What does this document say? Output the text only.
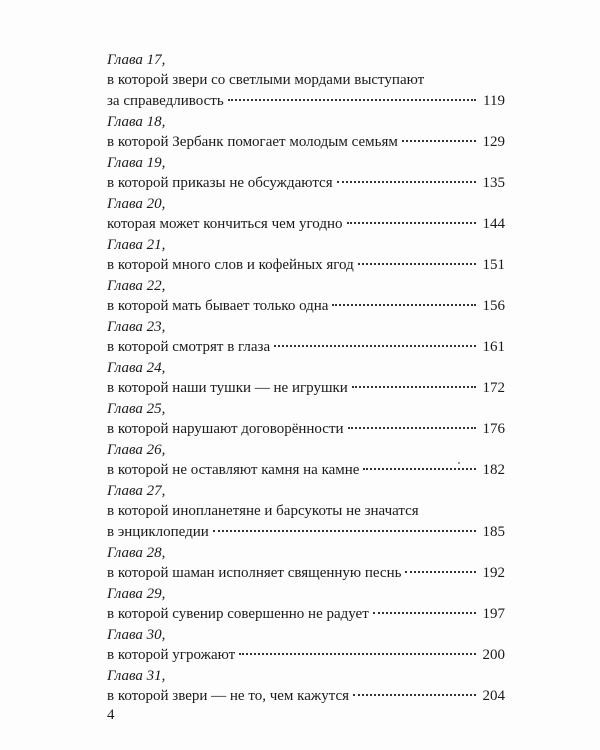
Глава 17,
в которой звери со светлыми мордами выступают
за справедливость	119
Глава 18,
в которой Зербанк помогает молодым семьям	129
Глава 19,
в которой приказы не обсуждаются	135
Глава 20,
которая может кончиться чем угодно	144
Глава 21,
в которой много слов и кофейных ягод	151
Глава 22,
в которой мать бывает только одна	156
Глава 23,
в которой смотрят в глаза	161
Глава 24,
в которой наши тушки — не игрушки	172
Глава 25,
в которой нарушают договорённости	176
Глава 26,
в которой не оставляют камня на камне	182
Глава 27,
в которой инопланетяне и барсукоты не значатся
в энциклопедии	185
Глава 28,
в которой шаман исполняет священную песнь	192
Глава 29,
в которой сувенир совершенно не радует	197
Глава 30,
в которой угрожают	200
Глава 31,
в которой звери — не то, чем кажутся	204
4
